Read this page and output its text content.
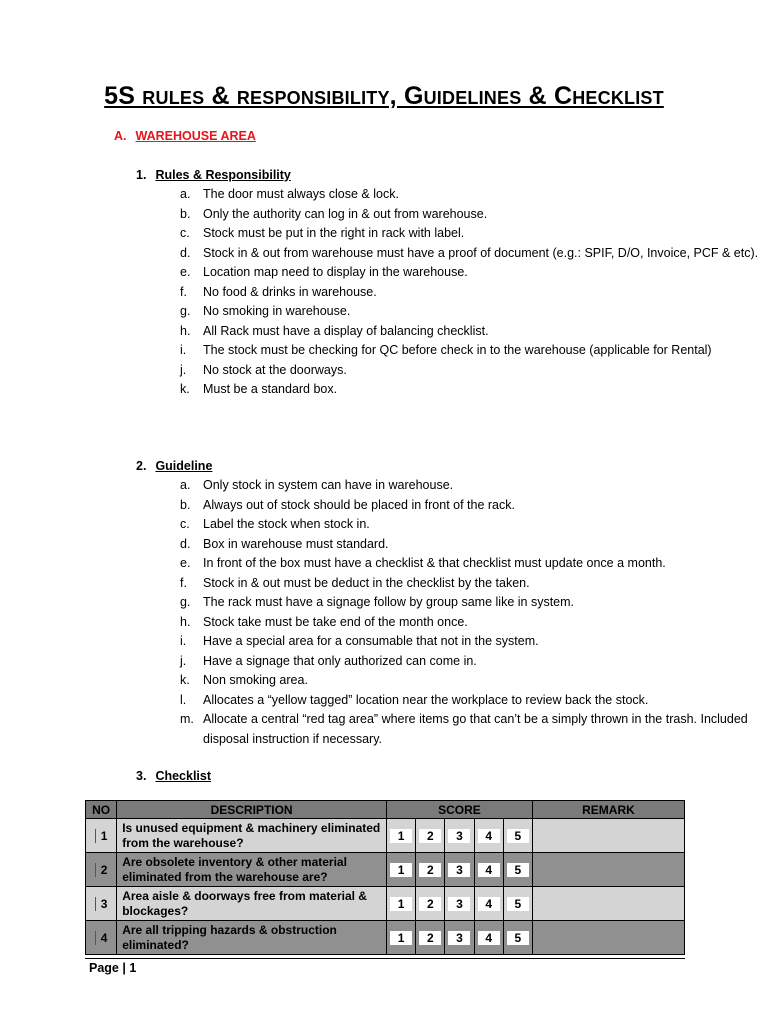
5S rules & responsibility, Guidelines & Checklist
A. WAREHOUSE AREA
1. Rules & Responsibility
a. The door must always close & lock.
b. Only the authority can log in & out from warehouse.
c. Stock must be put in the right in rack with label.
d. Stock in & out from warehouse must have a proof of document (e.g.: SPIF, D/O, Invoice, PCF & etc).
e. Location map need to display in the warehouse.
f. No food & drinks in warehouse.
g. No smoking in warehouse.
h. All Rack must have a display of balancing checklist.
i. The stock must be checking for QC before check in to the warehouse (applicable for Rental)
j. No stock at the doorways.
k. Must be a standard box.
2. Guideline
a. Only stock in system can have in warehouse.
b. Always out of stock should be placed in front of the rack.
c. Label the stock when stock in.
d. Box in warehouse must standard.
e. In front of the box must have a checklist & that checklist must update once a month.
f. Stock in & out must be deduct in the checklist by the taken.
g. The rack must have a signage follow by group same like in system.
h. Stock take must be take end of the month once.
i. Have a special area for a consumable that not in the system.
j. Have a signage that only authorized can come in.
k. Non smoking area.
l. Allocates a “yellow tagged” location near the workplace to review back the stock.
m. Allocate a central “red tag area” where items go that can’t be a simply thrown in the trash. Included disposal instruction if necessary.
3. Checklist
NO	DESCRIPTION	SCORE					REMARK
1	Is unused equipment & machinery eliminated from the warehouse?	1	2	3	4	5	
2	Are obsolete inventory & other material eliminated from the warehouse are?	1	2	3	4	5	
3	Area aisle & doorways free from material & blockages?	1	2	3	4	5	
4	Are all tripping hazards & obstruction eliminated?	1	2	3	4	5	
Page | 1
